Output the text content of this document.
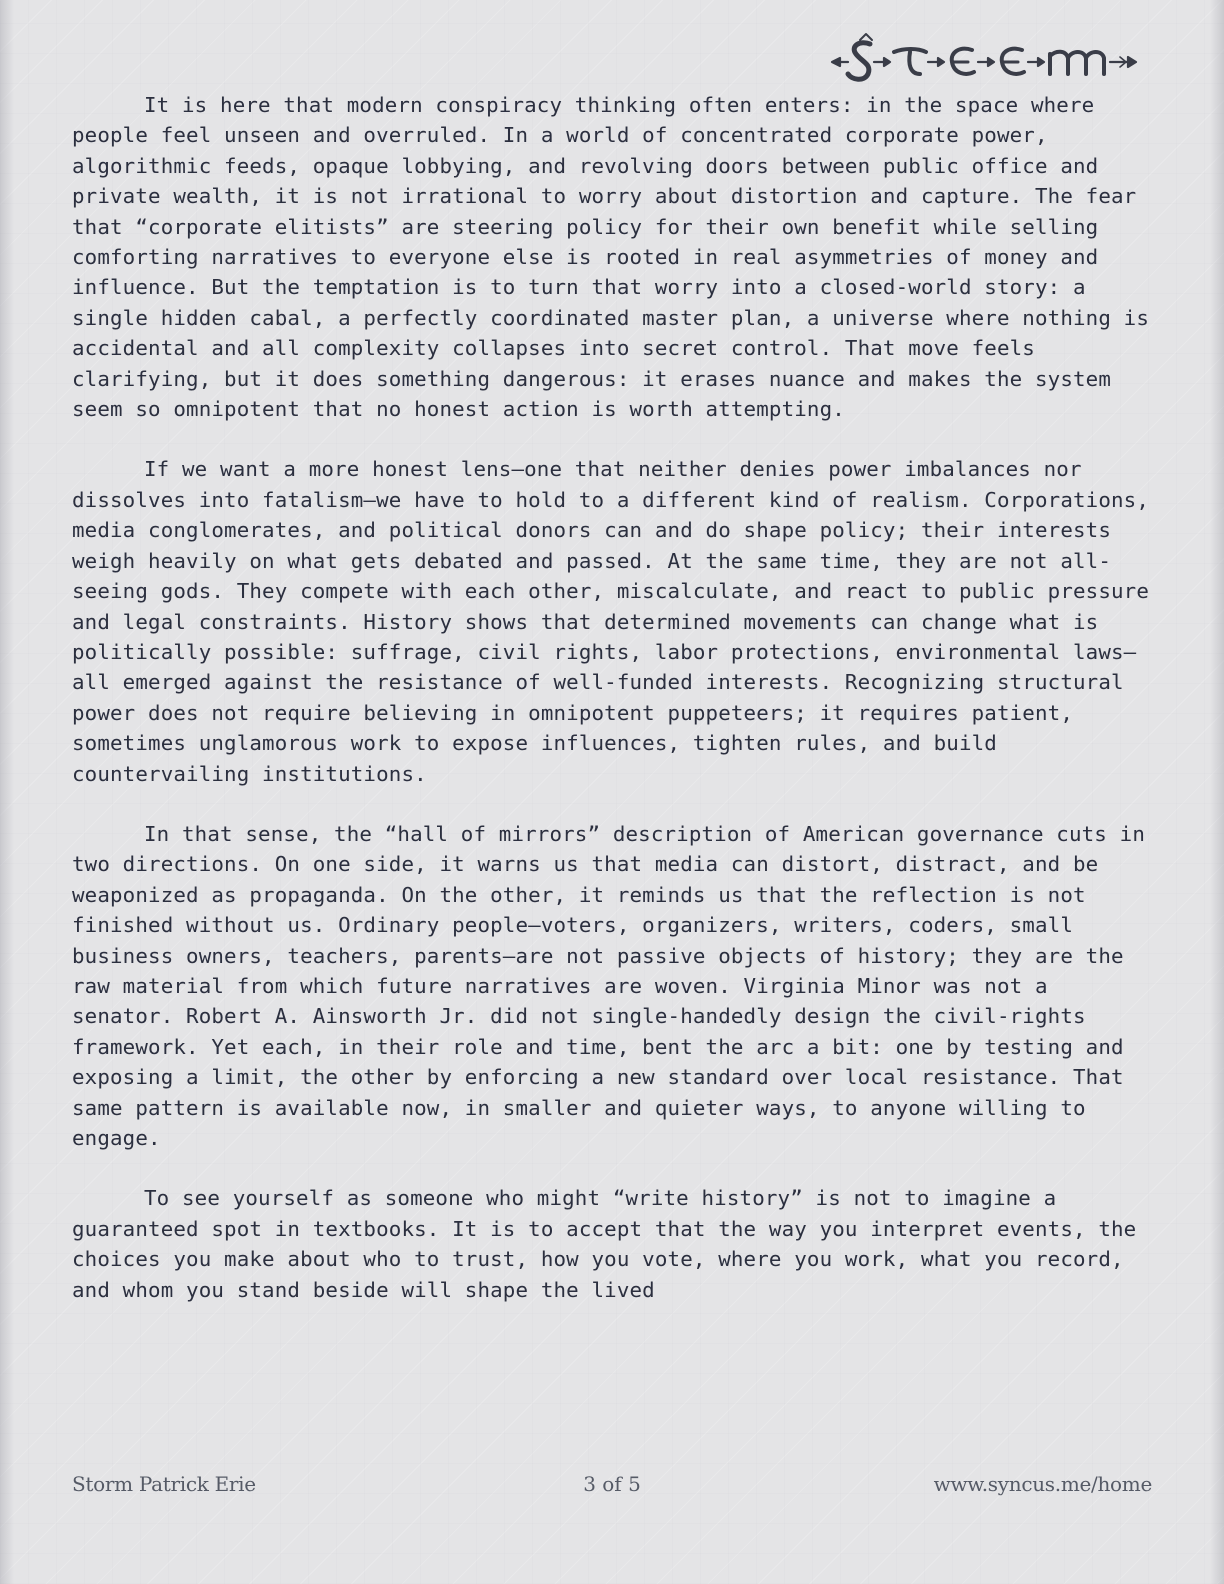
It is here that modern conspiracy thinking often enters: in the space where people feel unseen and overruled. In a world of concentrated corporate power, algorithmic feeds, opaque lobbying, and revolving doors between public office and private wealth, it is not irrational to worry about distortion and capture. The fear that “corporate elitists” are steering policy for their own benefit while selling comforting narratives to everyone else is rooted in real asymmetries of money and influence. But the temptation is to turn that worry into a closed-world story: a single hidden cabal, a perfectly coordinated master plan, a universe where nothing is accidental and all complexity collapses into secret control. That move feels clarifying, but it does something dangerous: it erases nuance and makes the system seem so omnipotent that no honest action is worth attempting.

If we want a more honest lens—one that neither denies power imbalances nor dissolves into fatalism—we have to hold to a different kind of realism. Corporations, media conglomerates, and political donors can and do shape policy; their interests weigh heavily on what gets debated and passed. At the same time, they are not all-seeing gods. They compete with each other, miscalculate, and react to public pressure and legal constraints. History shows that determined movements can change what is politically possible: suffrage, civil rights, labor protections, environmental laws—all emerged against the resistance of well-funded interests. Recognizing structural power does not require believing in omnipotent puppeteers; it requires patient, sometimes unglamorous work to expose influences, tighten rules, and build countervailing institutions.

In that sense, the “hall of mirrors” description of American governance cuts in two directions. On one side, it warns us that media can distort, distract, and be weaponized as propaganda. On the other, it reminds us that the reflection is not finished without us. Ordinary people—voters, organizers, writers, coders, small business owners, teachers, parents—are not passive objects of history; they are the raw material from which future narratives are woven. Virginia Minor was not a senator. Robert A. Ainsworth Jr. did not single-handedly design the civil-rights framework. Yet each, in their role and time, bent the arc a bit: one by testing and exposing a limit, the other by enforcing a new standard over local resistance. That same pattern is available now, in smaller and quieter ways, to anyone willing to engage.

To see yourself as someone who might “write history” is not to imagine a guaranteed spot in textbooks. It is to accept that the way you interpret events, the choices you make about who to trust, how you vote, where you work, what you record, and whom you stand beside will shape the lived

Storm Patrick Erie	3 of 5	www.syncus.me/home
